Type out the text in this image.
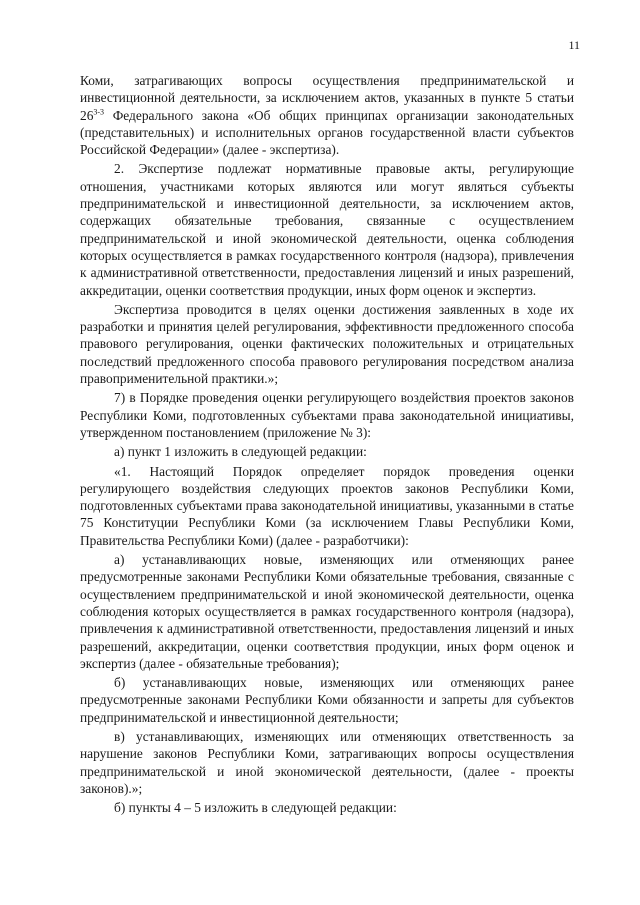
11

Коми, затрагивающих вопросы осуществления предпринимательской и инвестиционной деятельности, за исключением актов, указанных в пункте 5 статьи 26$^{3-3}$ Федерального закона «Об общих принципах организации законодательных (представительных) и исполнительных органов государственной власти субъектов Российской Федерации» (далее - экспертиза).

2. Экспертизе подлежат нормативные правовые акты, регулирующие отношения, участниками которых являются или могут являться субъекты предпринимательской и инвестиционной деятельности, за исключением актов, содержащих обязательные требования, связанные с осуществлением предпринимательской и иной экономической деятельности, оценка соблюдения которых осуществляется в рамках государственного контроля (надзора), привлечения к административной ответственности, предоставления лицензий и иных разрешений, аккредитации, оценки соответствия продукции, иных форм оценок и экспертиз.

Экспертиза проводится в целях оценки достижения заявленных в ходе их разработки и принятия целей регулирования, эффективности предложенного способа правового регулирования, оценки фактических положительных и отрицательных последствий предложенного способа правового регулирования посредством анализа правоприменительной практики.»;

7) в Порядке проведения оценки регулирующего воздействия проектов законов Республики Коми, подготовленных субъектами права законодательной инициативы, утвержденном постановлением (приложение № 3):

а) пункт 1 изложить в следующей редакции:

«1. Настоящий Порядок определяет порядок проведения оценки регулирующего воздействия следующих проектов законов Республики Коми, подготовленных субъектами права законодательной инициативы, указанными в статье 75 Конституции Республики Коми (за исключением Главы Республики Коми, Правительства Республики Коми) (далее - разработчики):

а) устанавливающих новые, изменяющих или отменяющих ранее предусмотренные законами Республики Коми обязательные требования, связанные с осуществлением предпринимательской и иной экономической деятельности, оценка соблюдения которых осуществляется в рамках государственного контроля (надзора), привлечения к административной ответственности, предоставления лицензий и иных разрешений, аккредитации, оценки соответствия продукции, иных форм оценок и экспертиз (далее - обязательные требования);

б) устанавливающих новые, изменяющих или отменяющих ранее предусмотренные законами Республики Коми обязанности и запреты для субъектов предпринимательской и инвестиционной деятельности;

в) устанавливающих, изменяющих или отменяющих ответственность за нарушение законов Республики Коми, затрагивающих вопросы осуществления предпринимательской и иной экономической деятельности, (далее - проекты законов).»;

б) пункты 4 – 5 изложить в следующей редакции:
